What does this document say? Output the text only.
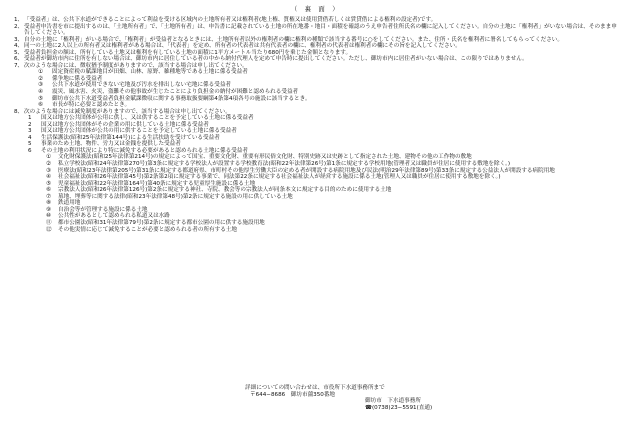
（　裏　面　）
1、 「受益者」は、公共下水道ができることによって利益を受ける区域内の土地所有者又は権利者(地上権、質権又は使用貸借若しくは賃貸借による権利の設定者)です。
2、 受益者申告書を市に提出するのは、「土地所有者」で、「土地所有者」は、申告書に記載されている土地の所在地番・地目・面積を確認のうえ申告者住所氏名の欄に記入してください。自分の土地に「権利者」がいない場合は、そのまま申告してください。
3、 自分の土地に「権利者」がいる場合で、「権利者」が受益者となるときには、土地所有者以外の権利者の欄に権利の種類で該当する番号に○をしてください。また、住所・氏名を権利者に署名してもらってください。
4、 同一の土地に2人以上の所有者又は権利者がある場合は、「代表者」を定め、所有者の代表者は共有代表者の欄に、権利者の代表者は権利者の欄にその旨を記入してください。
5、 受益者負担金の額は、所有している土地又は権利を有している土地の面積に1平方メートル当たり680円を乗じた金額となります。
6、 受益者が御坊市内に住所を有しない場合は、御坊市内に居住している者の中から納付代理人を定めて申告時に提出してください。ただし、御坊市内に居住者がいない場合は、この限りではありません。
7、 次のような場合には、徴収猶予制度がありますので、該当する場合は申し出てください。
①	固定資産税の賦課地目が田畑、山林、原野、雑種地等である土地に係る受益者
②	係争地に係る受益者
③	公共下水道が使用できない宅地及び汚水を排出しない宅地に係る受益者
④	震災、風水害、火災、盗難その他事故が生じたことにより負担金の納付が困難と認められる受益者
⑤	御坊市公共下水道受益者負担金賦課徴収に関する事務取扱要綱第4条第4項各号の施設に該当するとき。
⑥	市長が特に必要と認めたとき。
8、 次のような場合には減免制度がありますので、該当する場合は申し出てください。
1	国又は地方公共団体が公用に供し、又は供することを予定している土地に係る受益者
2	国又は地方公共団体がその企業の用に供している土地に係る受益者
3	国又は地方公共団体が公共の用に供することを予定している土地に係る受益者
4	生活保護法(昭和25年法律第144号)による生活扶助を受けている受益者
5	事業のため土地、物件、労力又は金銭を提供した受益者
6	その土地の利用状況により特に減免する必要があると認められる土地に係る受益者
①	文化財保護法(昭和25年法律第214号)の規定によって国宝、重要文化財、重要有形民俗文化財、特別史跡又は史跡として指定された土地、建物その他の工作物の敷地
②	私立学校法(昭和24年法律第270号)第3条に規定する学校法人が設置する学校教育法(昭和22年法律第26号)第1条に規定する学校用地(管理者又は職員が住居に使用する敷地を除く。)
③	医療法(昭和23年法律第205号)第31条に規定する都道府県、市町村その他厚生労働大臣の定める者が開設する病院用地及び民法(明治29年法律第89号)第33条に規定する公益法人が開設する病院用地
④	社会福祉法(昭和26年法律第45号)第2条第2項に規定する事業で、同法第22条に規定する社会福祉法人が経営する施設に係る土地(管理人又は職員が住居に使用する敷地を除く。)
⑤	児童福祉法(昭和22年法律第164号)第40条に規定する児童厚生施設に係る土地
⑥	宗教法人法(昭和26年法律第126号)第2条に規定する神社、寺院、教会等の宗教法人が同条本文に規定する目的のために使用する土地
⑦	墓地、埋葬等に関する法律(昭和23年法律第48号)第2条に規定する施設の用に供している土地
⑧	鉄道用地
⑨	自治会等が管理する施設に係る土地
⑩	公共性があるとして認められる私道又は水路
⑪	都市公園法(昭和31年法律第79号)第2条に規定する都市公園の用に供する施設用地
⑫	その他実情に応じて減免することが必要と認められる者の所有する土地
詳細についての問い合わせは、市役所下水道事務所まで
〒644−8686　御坊市薗350番地
御坊市　下水道事務所
☎(0738)23−5591(直通)
